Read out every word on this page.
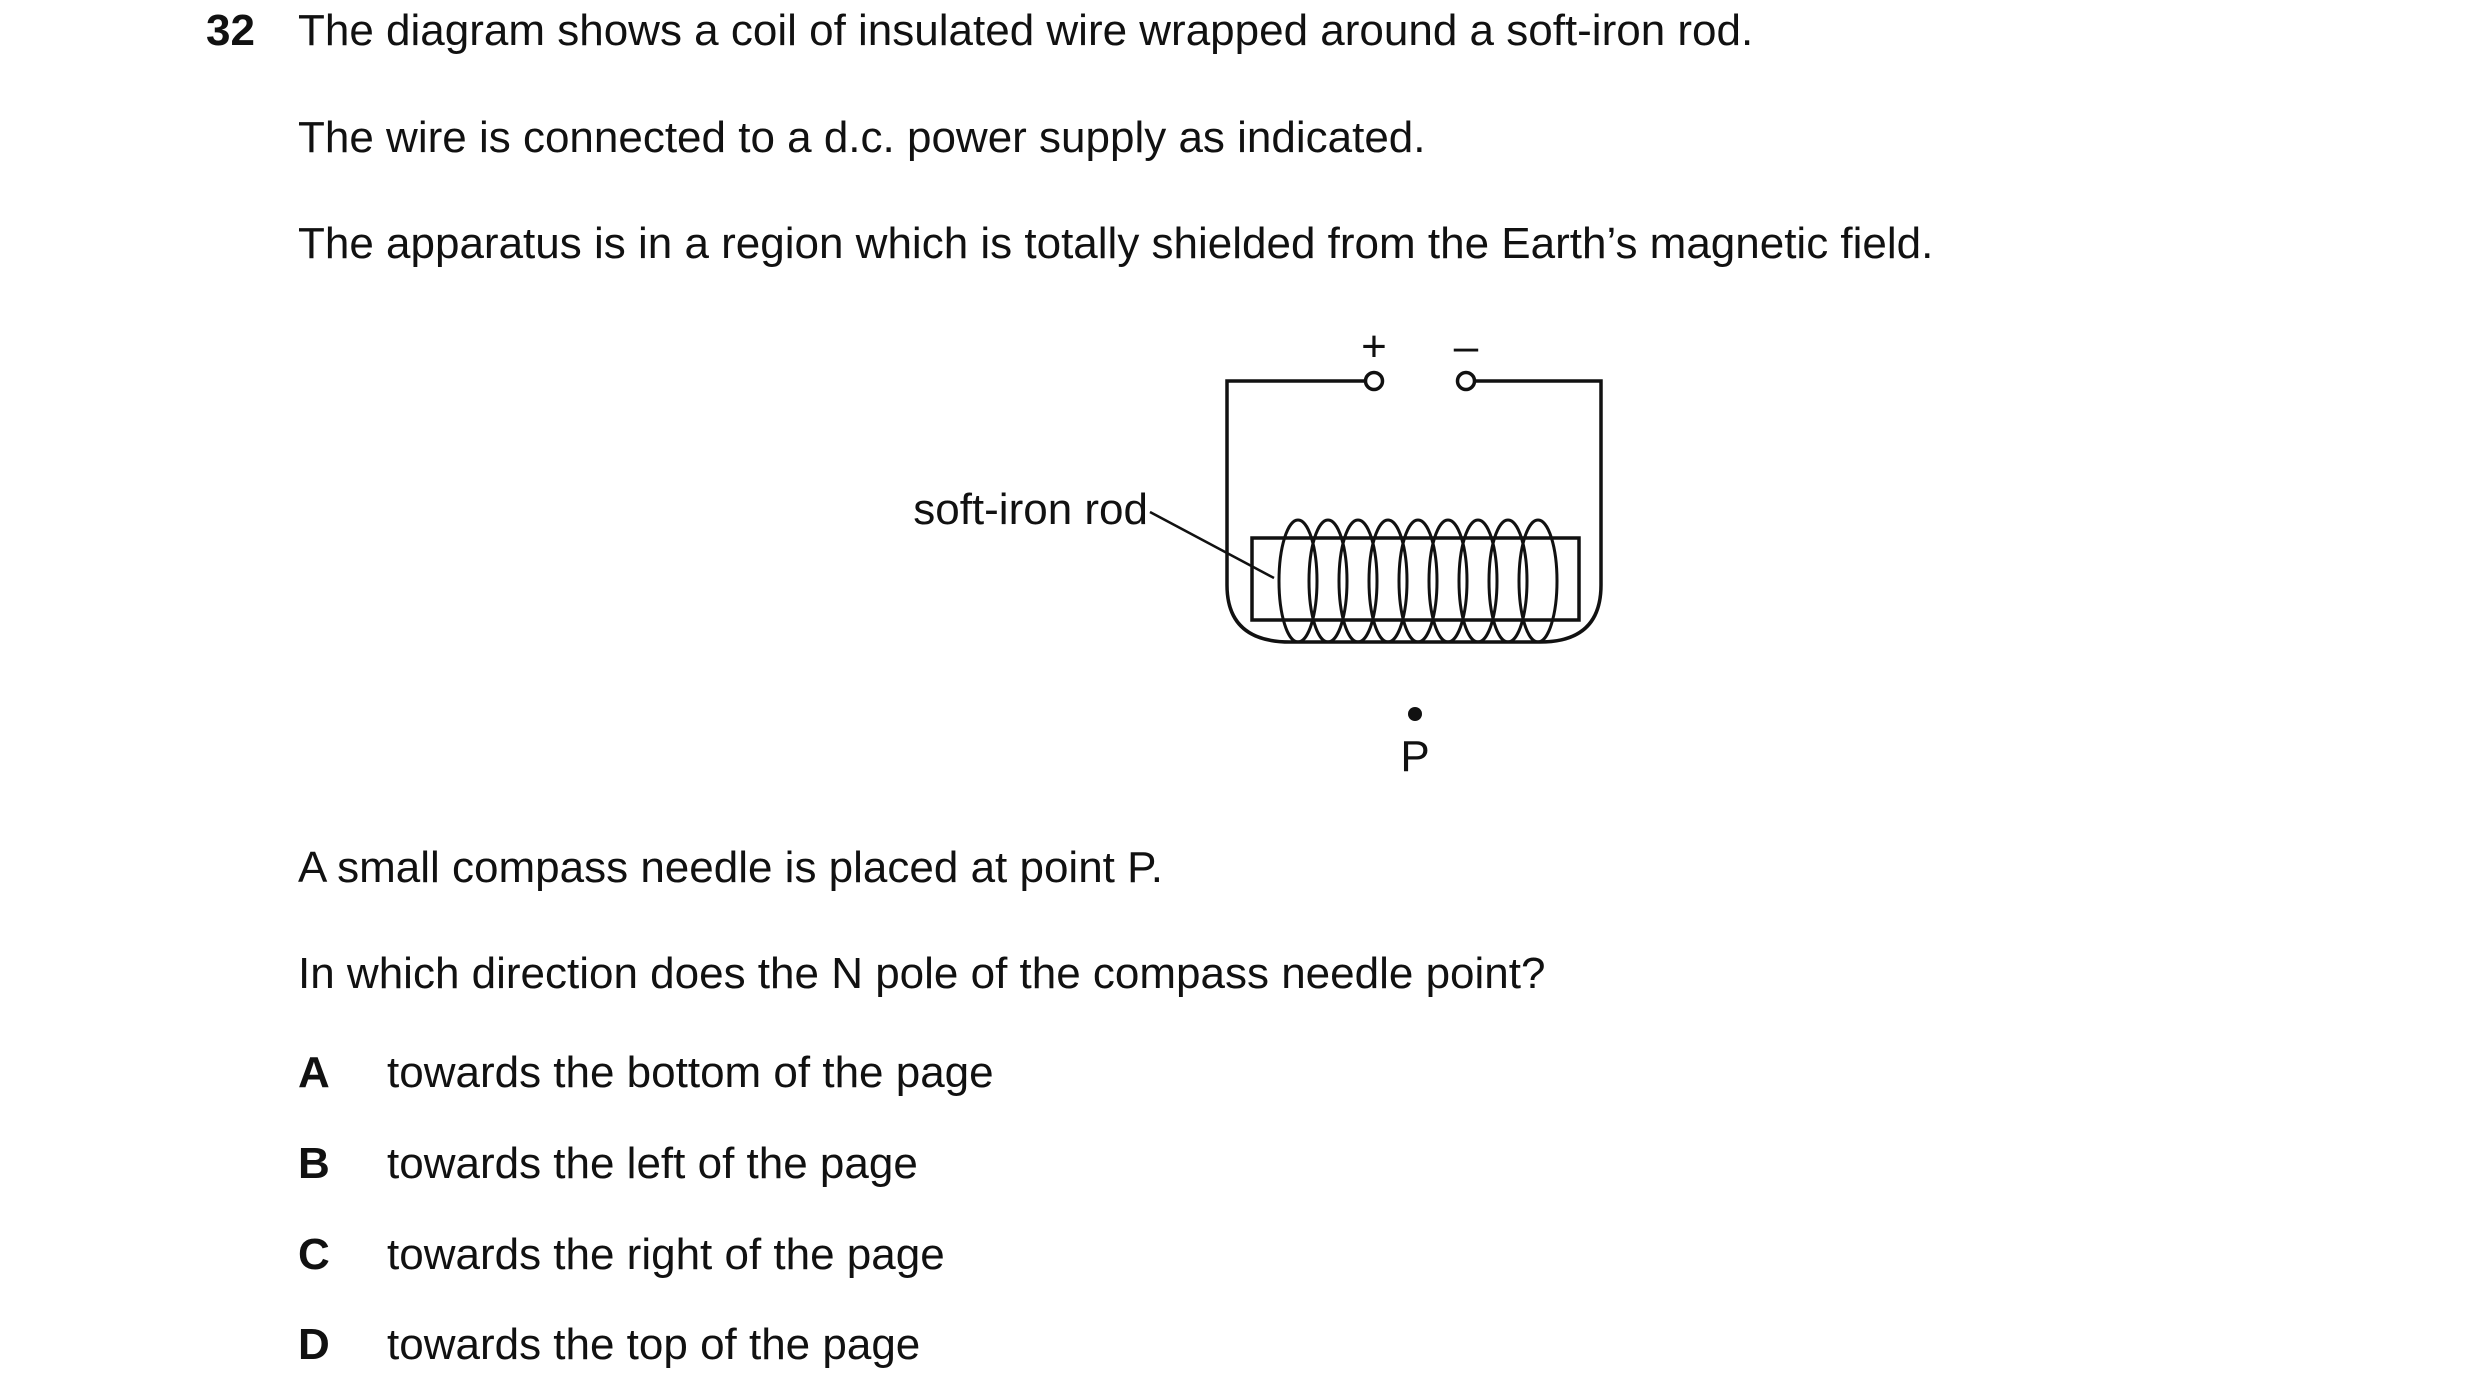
32 The diagram shows a coil of insulated wire wrapped around a soft-iron rod.
The wire is connected to a d.c. power supply as indicated.
The apparatus is in a region which is totally shielded from the Earth’s magnetic field.
+ –
soft-iron rod
P
A small compass needle is placed at point P.
In which direction does the N pole of the compass needle point?
A towards the bottom of the page
B towards the left of the page
C towards the right of the page
D towards the top of the page
